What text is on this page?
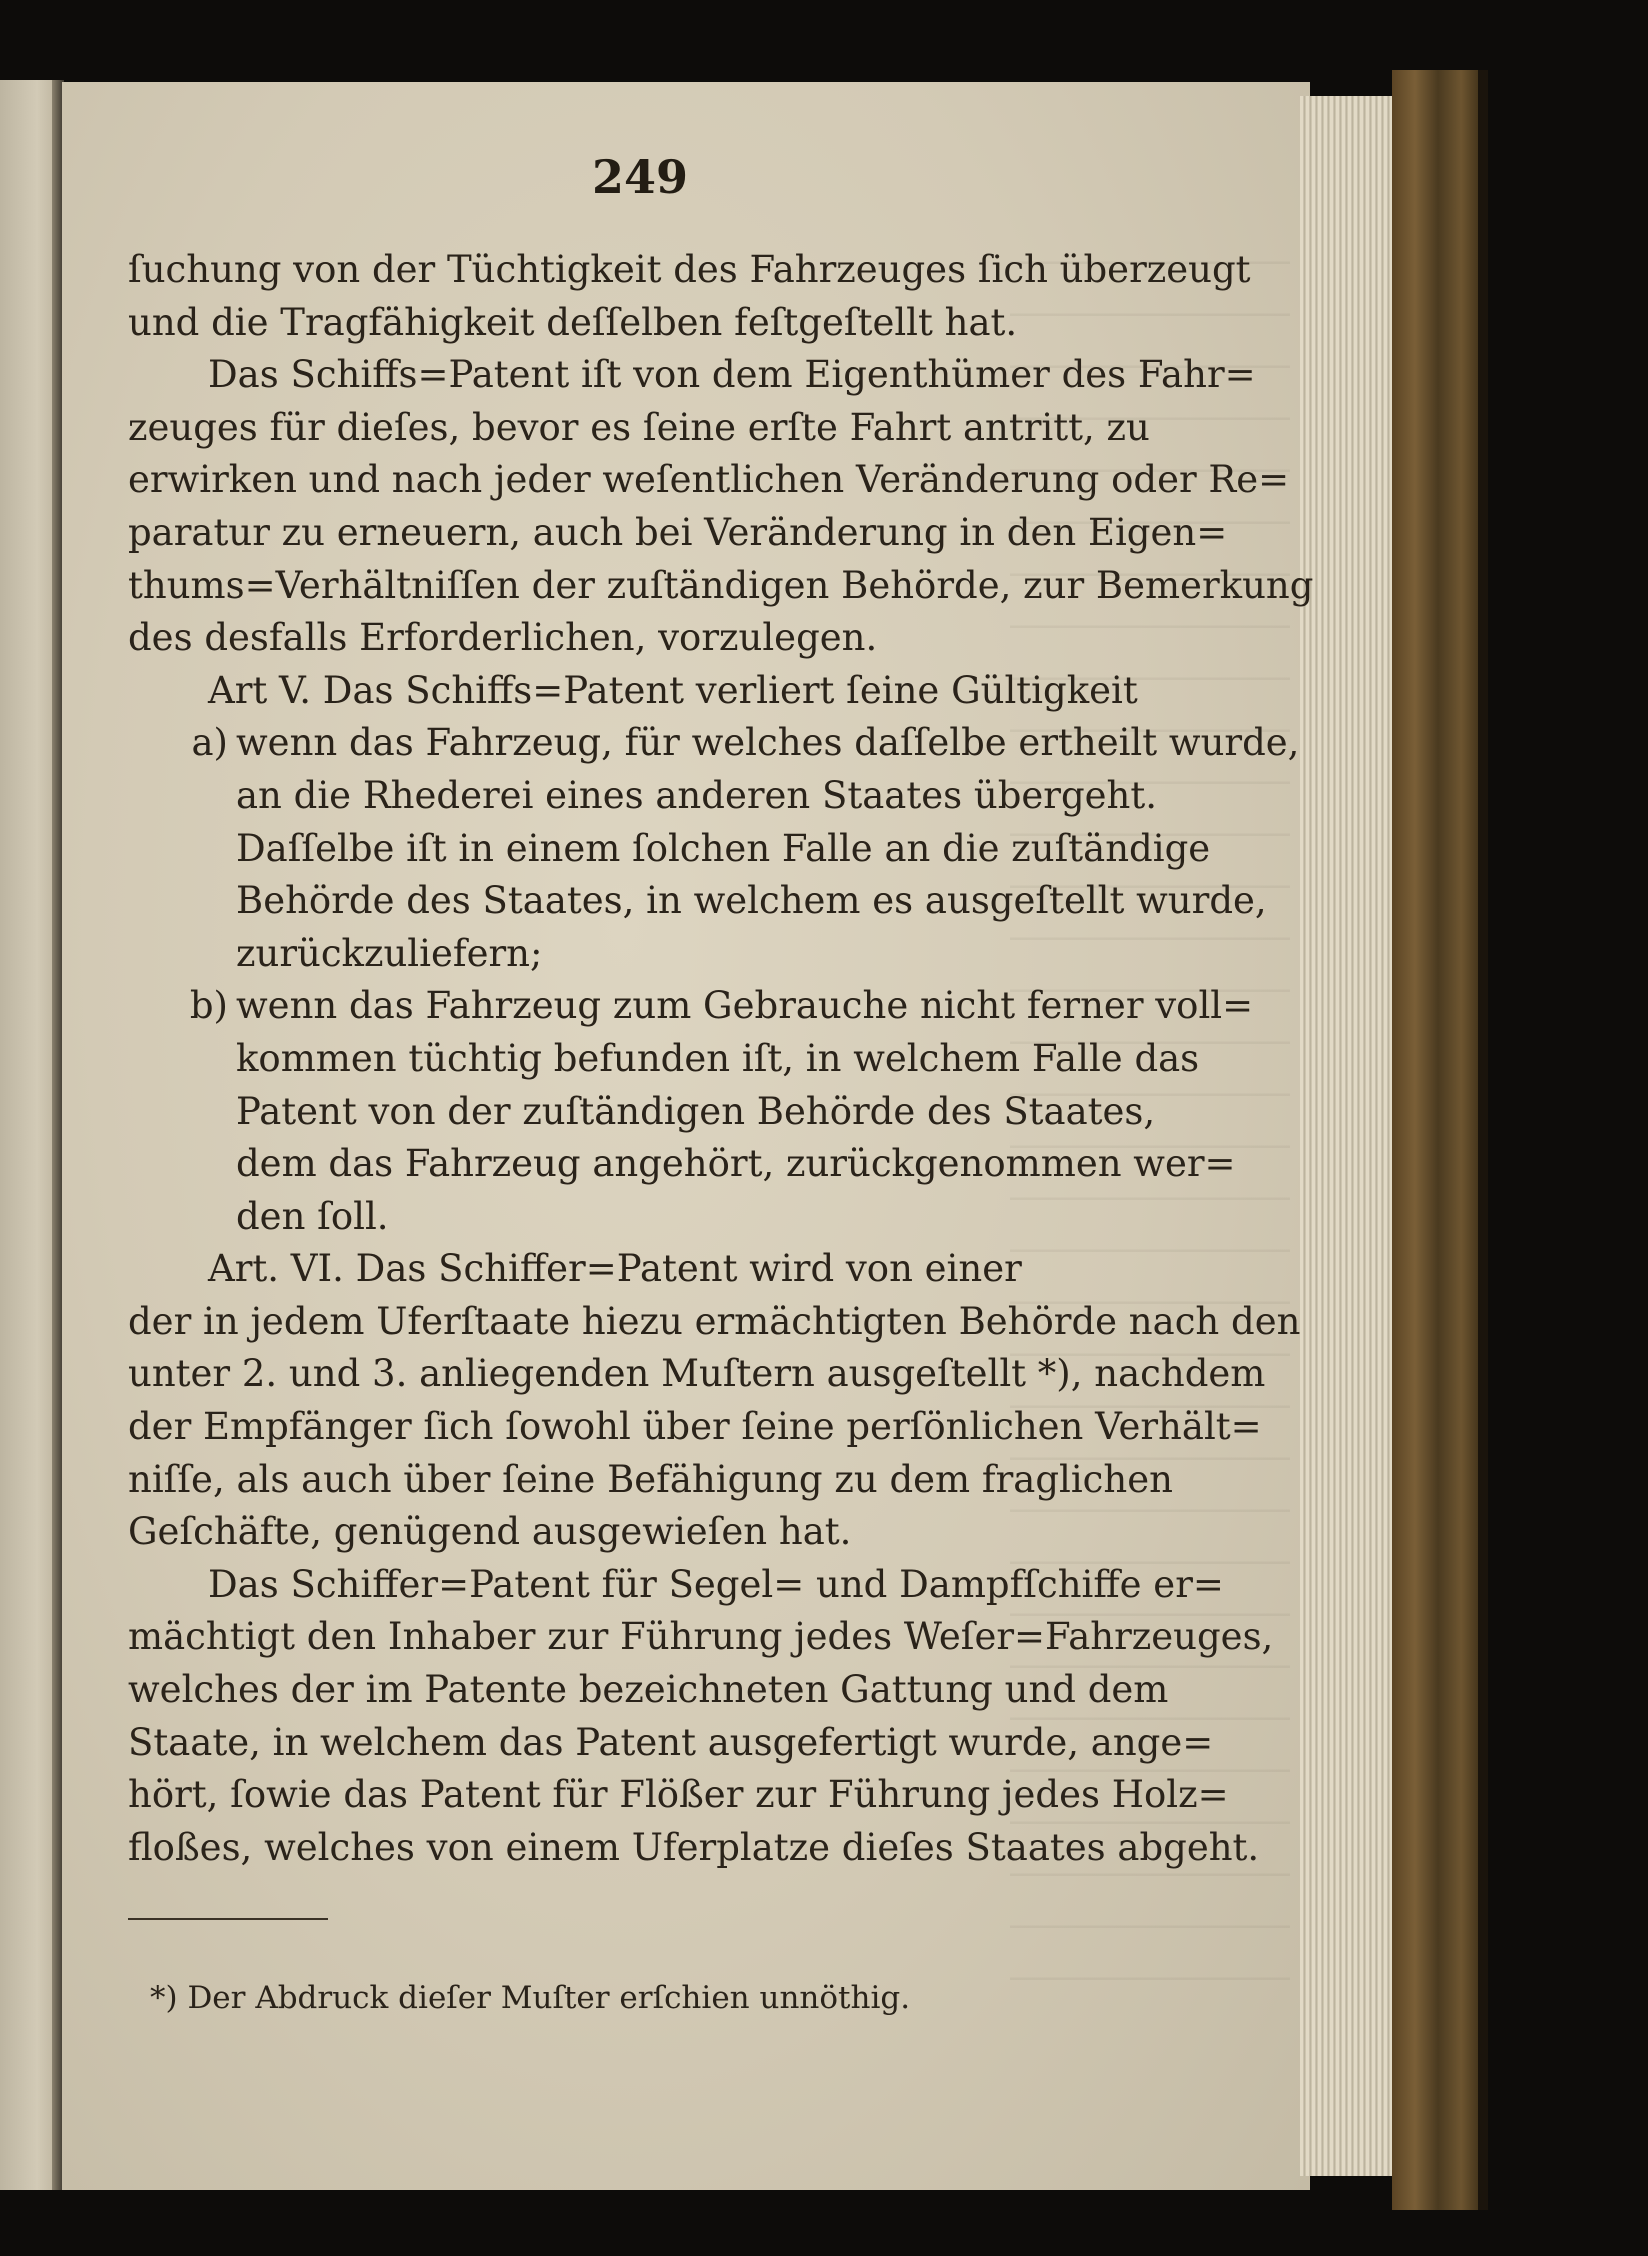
249
ſuchung von der Tüchtigkeit des Fahrzeuges ſich überzeugt
und die Tragfähigkeit deſſelben feſtgeſtellt hat.
Das Schiffs=Patent iſt von dem Eigenthümer des Fahr=
zeuges für dieſes, bevor es ſeine erſte Fahrt antritt, zu
erwirken und nach jeder weſentlichen Veränderung oder Re=
paratur zu erneuern, auch bei Veränderung in den Eigen=
thums=Verhältniſſen der zuſtändigen Behörde, zur Bemerkung
des desfalls Erforderlichen, vorzulegen.
Art V. Das Schiffs=Patent verliert ſeine Gültigkeit
a) wenn das Fahrzeug, für welches daſſelbe ertheilt wurde,
an die Rhederei eines anderen Staates übergeht.
Daſſelbe iſt in einem ſolchen Falle an die zuſtändige
Behörde des Staates, in welchem es ausgeſtellt wurde,
zurückzuliefern;
b) wenn das Fahrzeug zum Gebrauche nicht ferner voll=
kommen tüchtig befunden iſt, in welchem Falle das
Patent von der zuſtändigen Behörde des Staates,
dem das Fahrzeug angehört, zurückgenommen wer=
den ſoll.
Art. VI. Das Schiffer=Patent wird von einer
der in jedem Uferſtaate hiezu ermächtigten Behörde nach den
unter 2. und 3. anliegenden Muſtern ausgeſtellt *), nachdem
der Empfänger ſich ſowohl über ſeine perſönlichen Verhält=
niſſe, als auch über ſeine Befähigung zu dem fraglichen
Geſchäfte, genügend ausgewieſen hat.
Das Schiffer=Patent für Segel= und Dampfſchiffe er=
mächtigt den Inhaber zur Führung jedes Weſer=Fahrzeuges,
welches der im Patente bezeichneten Gattung und dem
Staate, in welchem das Patent ausgefertigt wurde, ange=
hört, ſowie das Patent für Flößer zur Führung jedes Holz=
floßes, welches von einem Uferplatze dieſes Staates abgeht.
*) Der Abdruck dieſer Muſter erſchien unnöthig.
